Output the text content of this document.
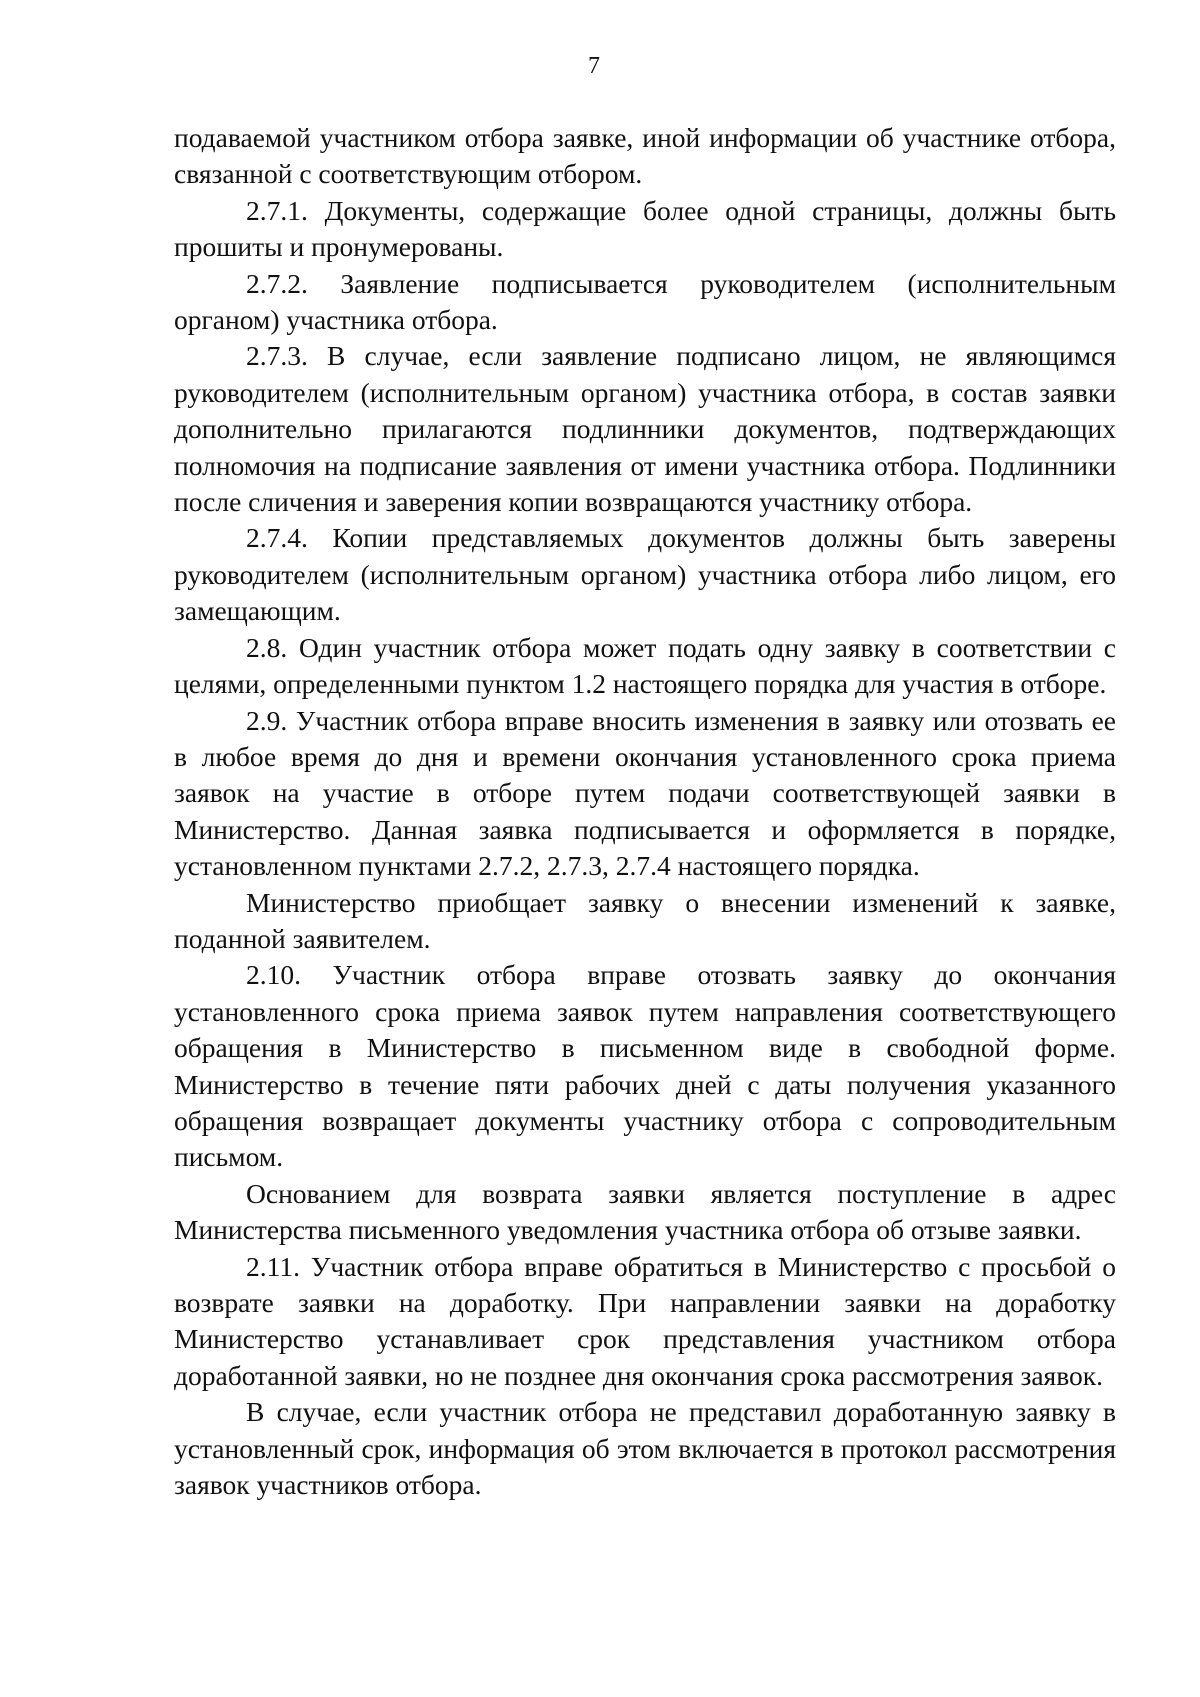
7

подаваемой участником отбора заявке, иной информации об участнике отбора, связанной с соответствующим отбором.

2.7.1. Документы, содержащие более одной страницы, должны быть прошиты и пронумерованы.

2.7.2. Заявление подписывается руководителем (исполнительным органом) участника отбора.

2.7.3. В случае, если заявление подписано лицом, не являющимся руководителем (исполнительным органом) участника отбора, в состав заявки дополнительно прилагаются подлинники документов, подтверждающих полномочия на подписание заявления от имени участника отбора. Подлинники после сличения и заверения копии возвращаются участнику отбора.

2.7.4. Копии представляемых документов должны быть заверены руководителем (исполнительным органом) участника отбора либо лицом, его замещающим.

2.8. Один участник отбора может подать одну заявку в соответствии с целями, определенными пунктом 1.2 настоящего порядка для участия в отборе.

2.9. Участник отбора вправе вносить изменения в заявку или отозвать ее в любое время до дня и времени окончания установленного срока приема заявок на участие в отборе путем подачи соответствующей заявки в Министерство. Данная заявка подписывается и оформляется в порядке, установленном пунктами 2.7.2, 2.7.3, 2.7.4 настоящего порядка.

Министерство приобщает заявку о внесении изменений к заявке, поданной заявителем.

2.10. Участник отбора вправе отозвать заявку до окончания установленного срока приема заявок путем направления соответствующего обращения в Министерство в письменном виде в свободной форме. Министерство в течение пяти рабочих дней с даты получения указанного обращения возвращает документы участнику отбора с сопроводительным письмом.

Основанием для возврата заявки является поступление в адрес Министерства письменного уведомления участника отбора об отзыве заявки.

2.11. Участник отбора вправе обратиться в Министерство с просьбой о возврате заявки на доработку. При направлении заявки на доработку Министерство устанавливает срок представления участником отбора доработанной заявки, но не позднее дня окончания срока рассмотрения заявок.

В случае, если участник отбора не представил доработанную заявку в установленный срок, информация об этом включается в протокол рассмотрения заявок участников отбора.
